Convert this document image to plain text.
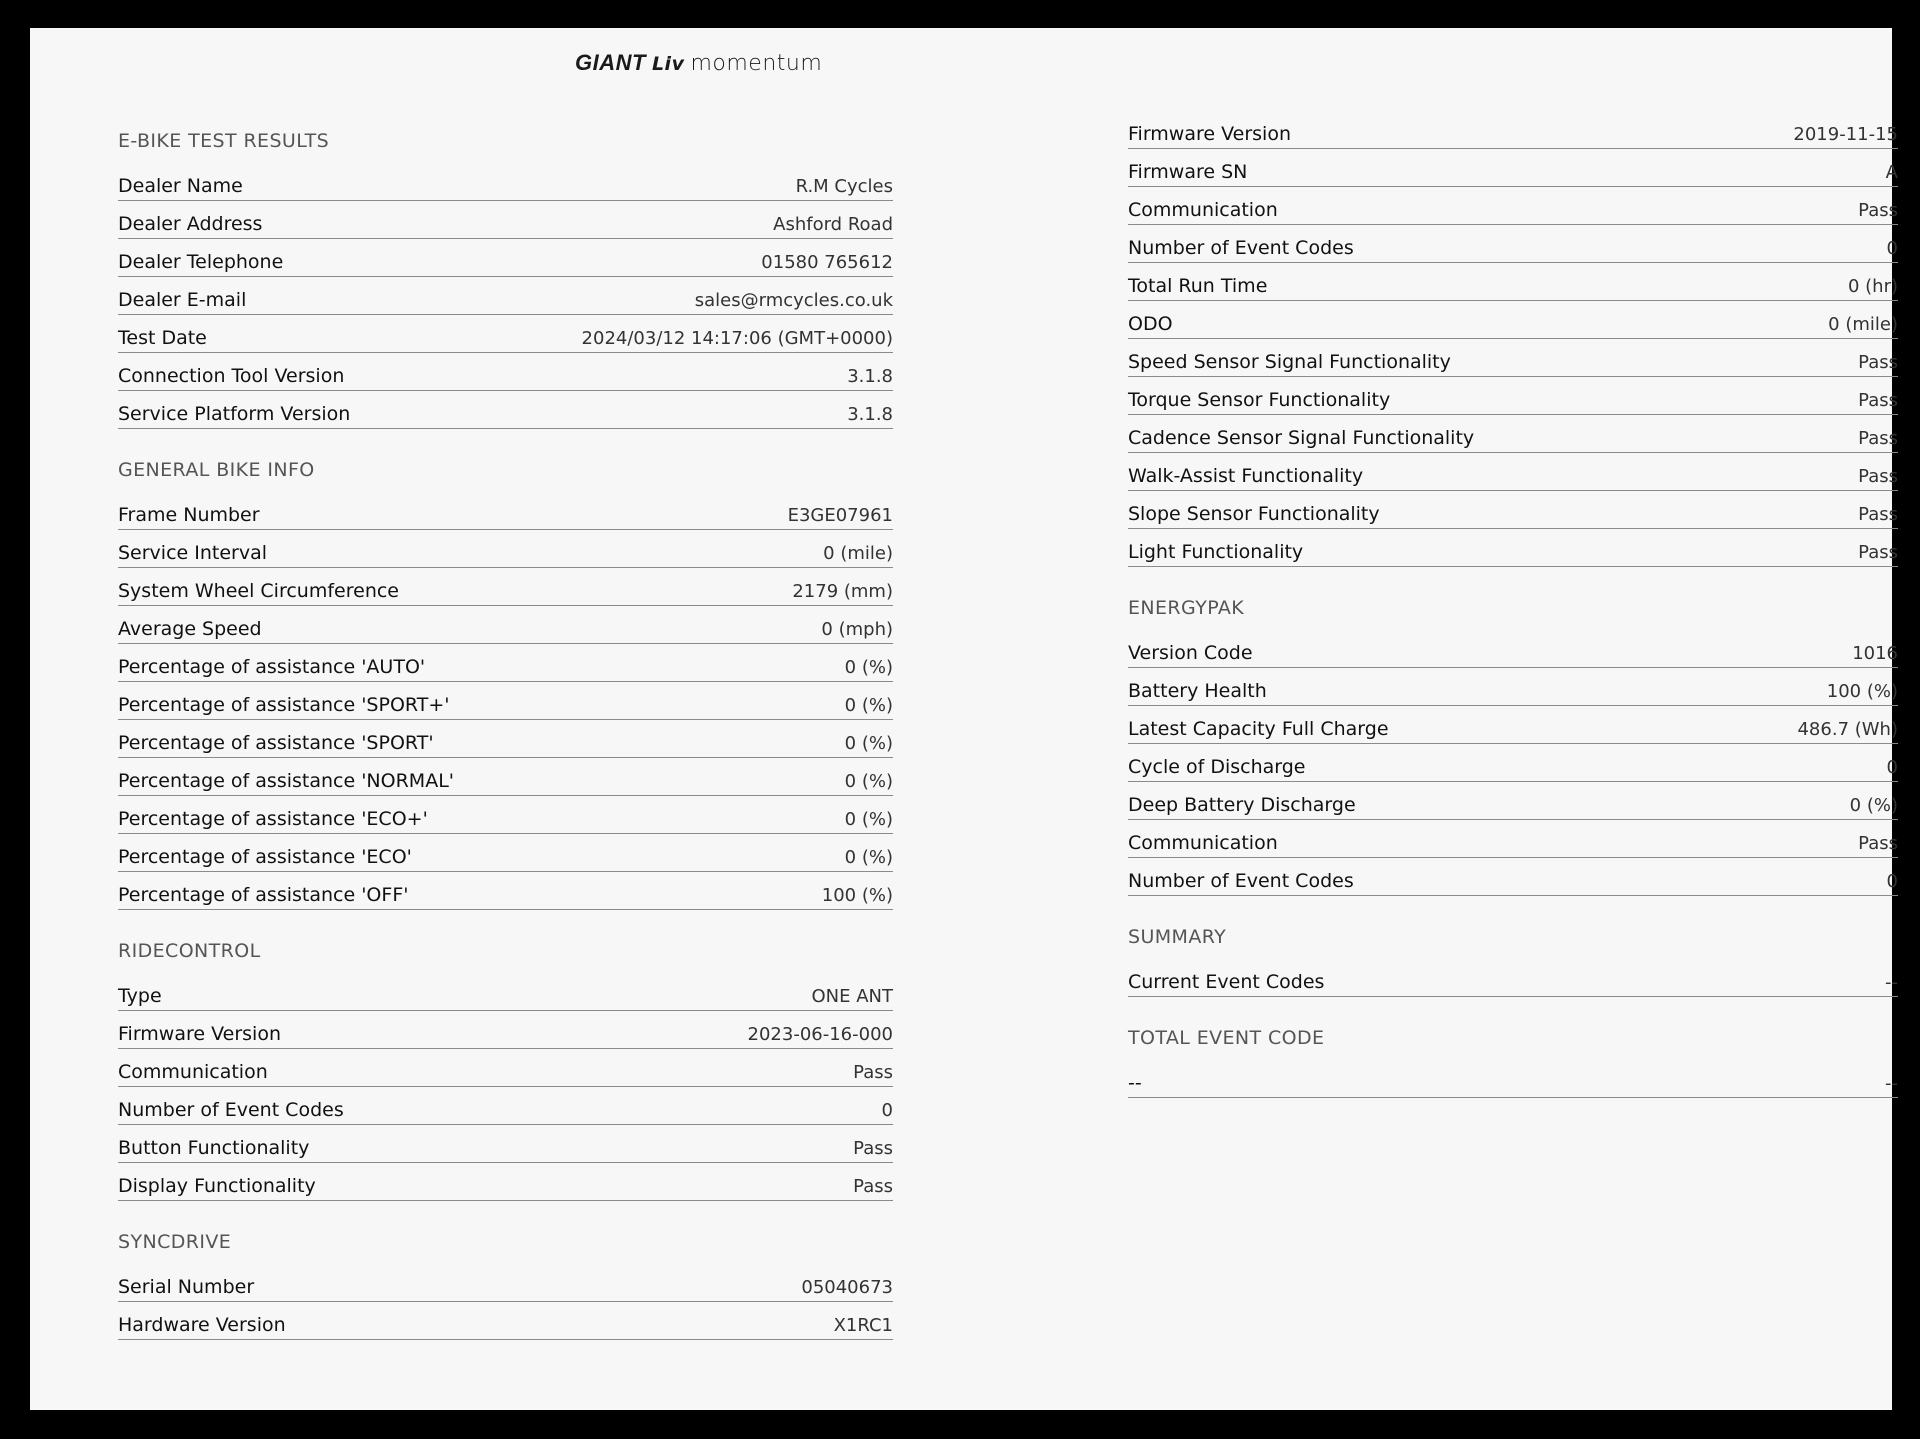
GIANT Liv momentum
E-BIKE TEST RESULTS
Dealer Name	R.M Cycles
Dealer Address	Ashford Road
Dealer Telephone	01580 765612
Dealer E-mail	sales@rmcycles.co.uk
Test Date	2024/03/12 14:17:06 (GMT+0000)
Connection Tool Version	3.1.8
Service Platform Version	3.1.8
GENERAL BIKE INFO
Frame Number	E3GE07961
Service Interval	0 (mile)
System Wheel Circumference	2179 (mm)
Average Speed	0 (mph)
Percentage of assistance 'AUTO'	0 (%)
Percentage of assistance 'SPORT+'	0 (%)
Percentage of assistance 'SPORT'	0 (%)
Percentage of assistance 'NORMAL'	0 (%)
Percentage of assistance 'ECO+'	0 (%)
Percentage of assistance 'ECO'	0 (%)
Percentage of assistance 'OFF'	100 (%)
RIDECONTROL
Type	ONE ANT
Firmware Version	2023-06-16-000
Communication	Pass
Number of Event Codes	0
Button Functionality	Pass
Display Functionality	Pass
SYNCDRIVE
Serial Number	05040673
Hardware Version	X1RC1
Firmware Version	2019-11-15
Firmware SN	A
Communication	Pass
Number of Event Codes	0
Total Run Time	0 (hr)
ODO	0 (mile)
Speed Sensor Signal Functionality	Pass
Torque Sensor Functionality	Pass
Cadence Sensor Signal Functionality	Pass
Walk-Assist Functionality	Pass
Slope Sensor Functionality	Pass
Light Functionality	Pass
ENERGYPAK
Version Code	1016
Battery Health	100 (%)
Latest Capacity Full Charge	486.7 (Wh)
Cycle of Discharge	0
Deep Battery Discharge	0 (%)
Communication	Pass
Number of Event Codes	0
SUMMARY
Current Event Codes	--
TOTAL EVENT CODE
--	--
